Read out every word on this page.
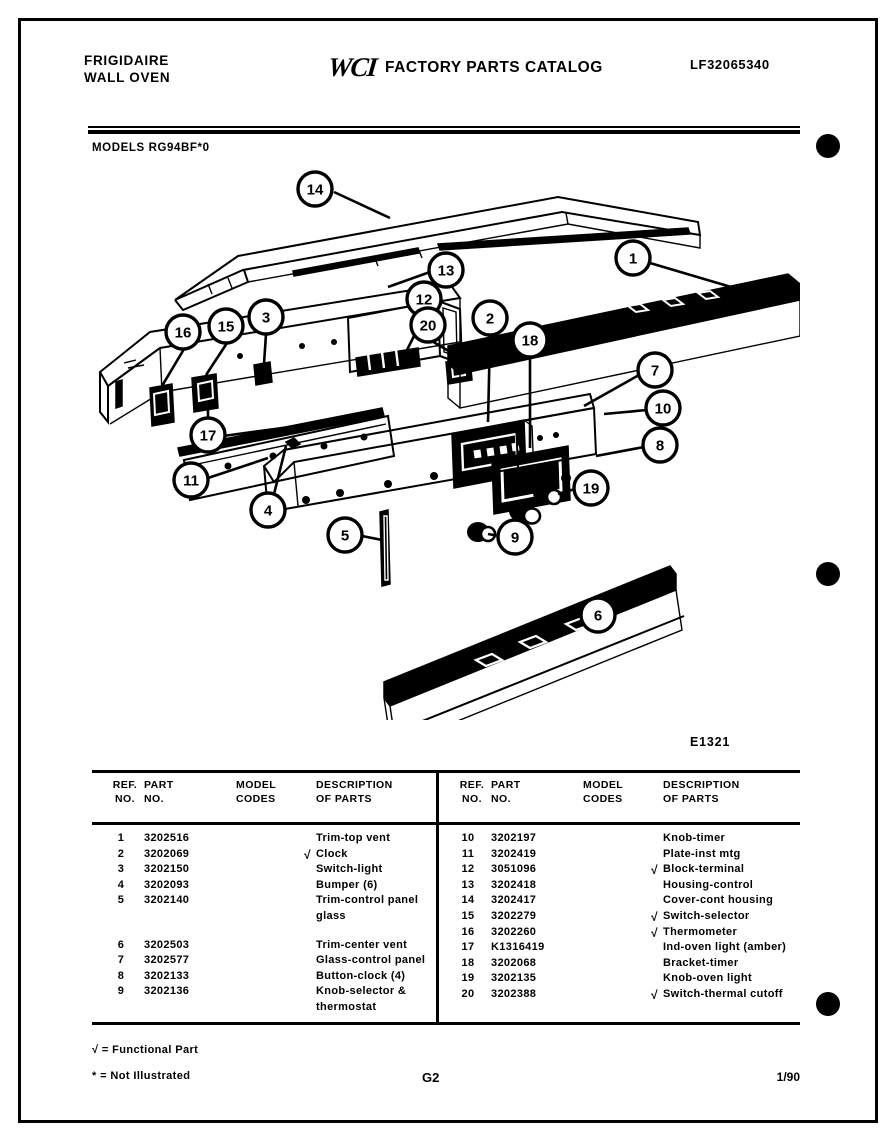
FRIGIDAIRE
WALL OVEN	WCI FACTORY PARTS CATALOG	LF32065340
MODELS RG94BF*0
14
13
12
16 15
3	20	2
18
1
7
10
8
17
11
4
5
19
9
6
E1321
REF.
NO.
PART
NO.
MODEL
CODES
DESCRIPTION
OF PARTS
1	3202516	Trim-top vent
2	3202069	√ Clock
3	3202150	Switch-light
4	3202093	Bumper (6)
5	3202140	Trim-control panel
glass
6	3202503	Trim-center vent
7	3202577	Glass-control panel
8	3202133	Button-clock (4)
9	3202136	Knob-selector &
thermostat
REF.
NO.
PART
NO.
MODEL
CODES
DESCRIPTION
OF PARTS
10	3202197	Knob-timer
11	3202419	Plate-inst mtg
12	3051096	√ Block-terminal
13	3202418	Housing-control
14	3202417	Cover-cont housing
15	3202279	√ Switch-selector
16	3202260	√ Thermometer
17	K1316419	Ind-oven light (amber)
18	3202068	Bracket-timer
19	3202135	Knob-oven light
20	3202388	√ Switch-thermal cutoff
√ = Functional Part
* = Not Illustrated	G2	1/90
